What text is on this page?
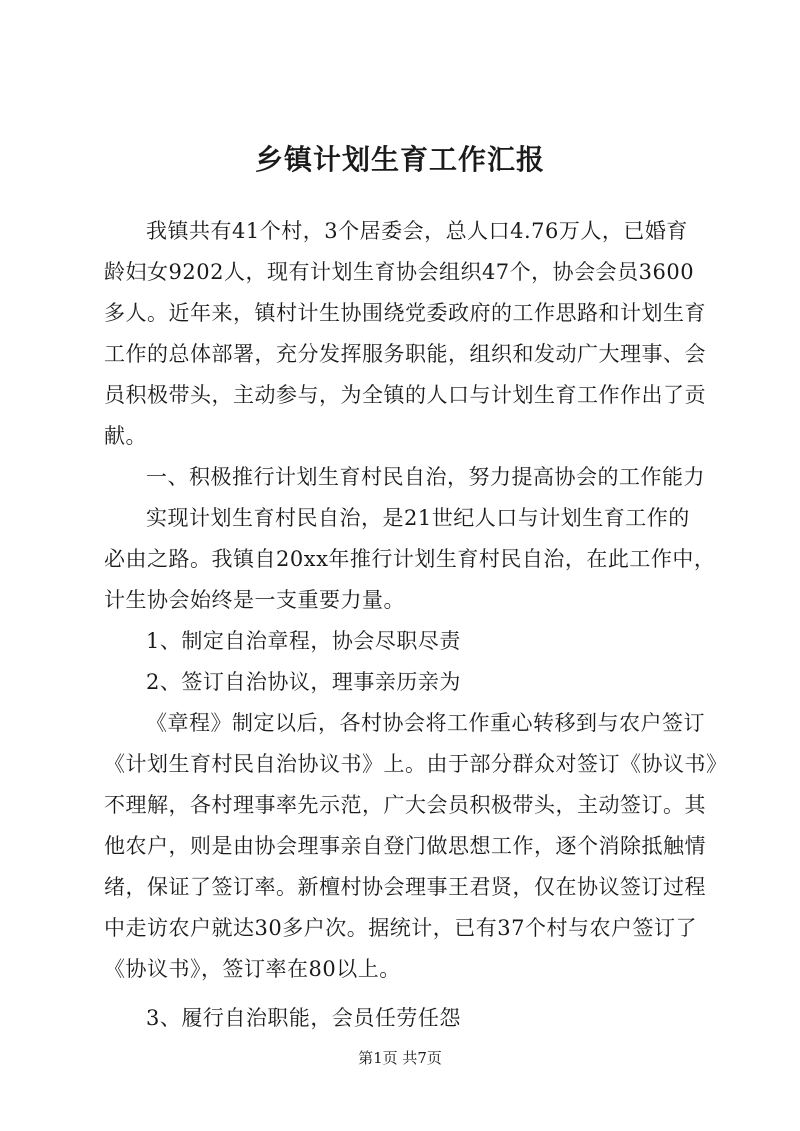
乡镇计划生育工作汇报
我镇共有41个村，3个居委会，总人口4.76万人，已婚育
龄妇女9202人，现有计划生育协会组织47个，协会会员3600
多人。近年来，镇村计生协围绕党委政府的工作思路和计划生育
工作的总体部署，充分发挥服务职能，组织和发动广大理事、会
员积极带头，主动参与，为全镇的人口与计划生育工作作出了贡
献。
一、积极推行计划生育村民自治，努力提高协会的工作能力
实现计划生育村民自治，是21世纪人口与计划生育工作的
必由之路。我镇自20xx年推行计划生育村民自治，在此工作中，
计生协会始终是一支重要力量。
1、制定自治章程，协会尽职尽责
2、签订自治协议，理事亲历亲为
《章程》制定以后，各村协会将工作重心转移到与农户签订
《计划生育村民自治协议书》上。由于部分群众对签订《协议书》
不理解，各村理事率先示范，广大会员积极带头，主动签订。其
他农户，则是由协会理事亲自登门做思想工作，逐个消除抵触情
绪，保证了签订率。新檀村协会理事王君贤，仅在协议签订过程
中走访农户就达30多户次。据统计，已有37个村与农户签订了
《协议书》，签订率在80以上。
3、履行自治职能，会员任劳任怨
第1页 共7页
